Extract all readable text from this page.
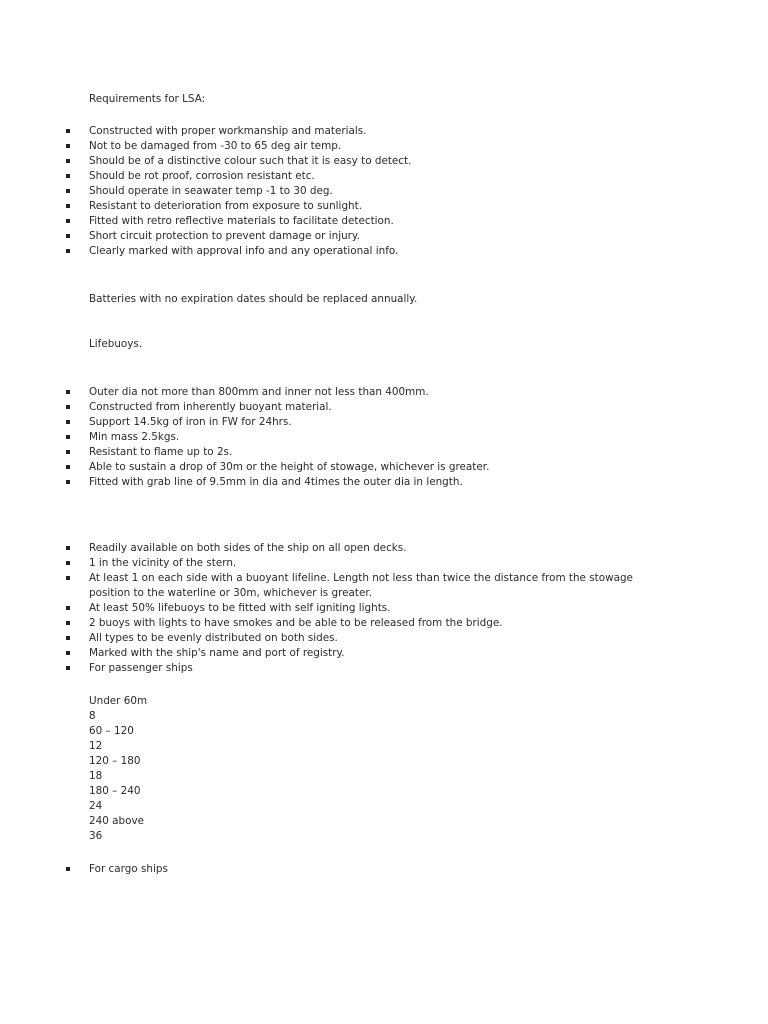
Requirements for LSA:

Constructed with proper workmanship and materials.
Not to be damaged from -30 to 65 deg air temp.
Should be of a distinctive colour such that it is easy to detect.
Should be rot proof, corrosion resistant etc.
Should operate in seawater temp -1 to 30 deg.
Resistant to deterioration from exposure to sunlight.
Fitted with retro reflective materials to facilitate detection.
Short circuit protection to prevent damage or injury.
Clearly marked with approval info and any operational info.

Batteries with no expiration dates should be replaced annually.

Lifebuoys.

Outer dia not more than 800mm and inner not less than 400mm.
Constructed from inherently buoyant material.
Support 14.5kg of iron in FW for 24hrs.
Min mass 2.5kgs.
Resistant to flame up to 2s.
Able to sustain a drop of 30m or the height of stowage, whichever is greater.
Fitted with grab line of 9.5mm in dia and 4times the outer dia in length.
Readily available on both sides of the ship on all open decks.
1 in the vicinity of the stern.
At least 1 on each side with a buoyant lifeline. Length not less than twice the distance from the stowage position to the waterline or 30m, whichever is greater.
At least 50% lifebuoys to be fitted with self igniting lights.
2 buoys with lights to have smokes and be able to be released from the bridge.
All types to be evenly distributed on both sides.
Marked with the ship's name and port of registry.
For passenger ships
Under 60m
8
60 – 120
12
120 – 180
18
180 – 240
24
240 above
36
For cargo ships
